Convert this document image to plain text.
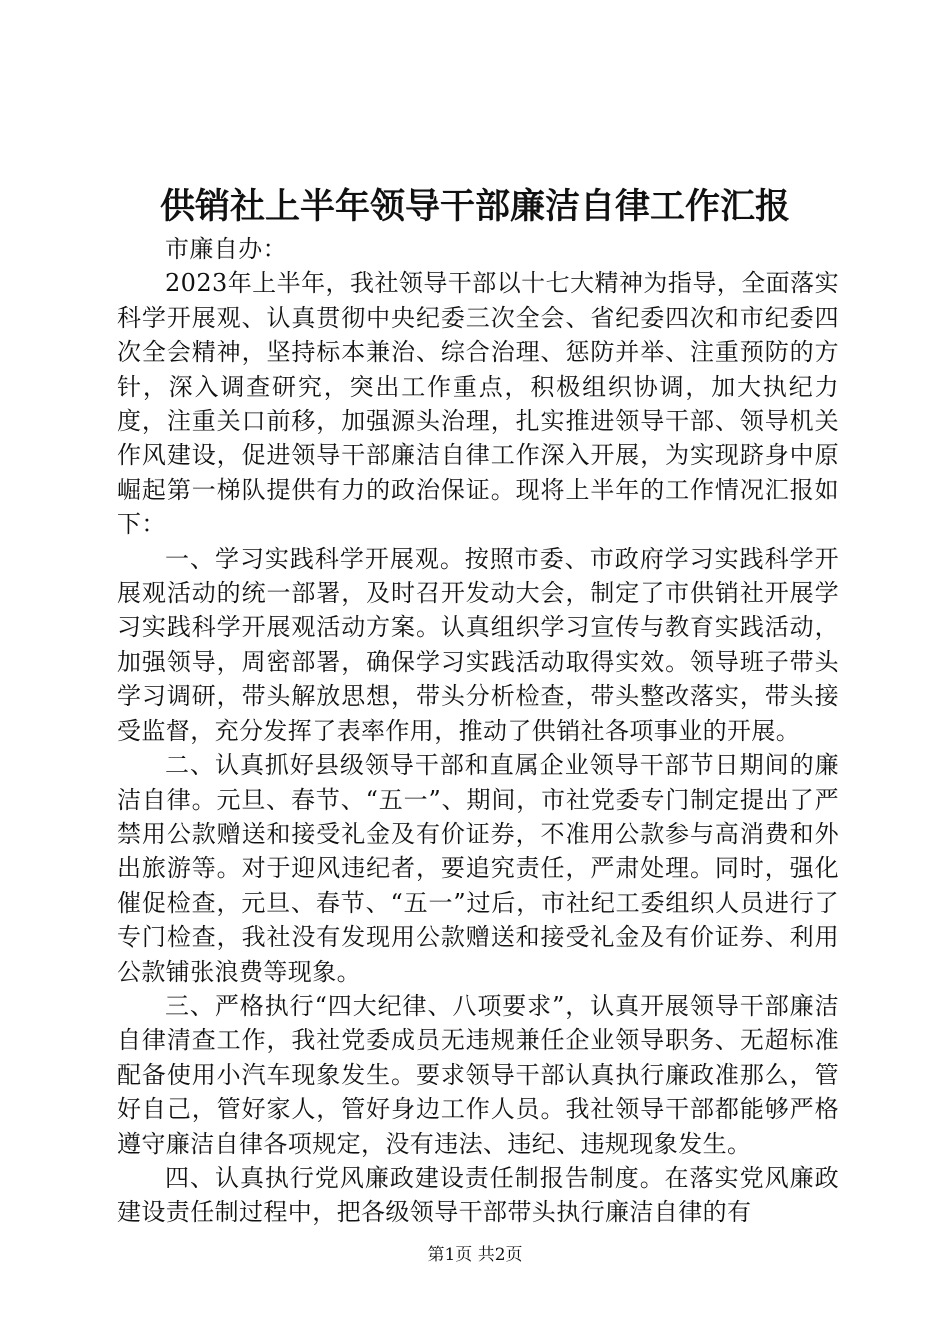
供销社上半年领导干部廉洁自律工作汇报

市廉自办：

2023年上半年，我社领导干部以十七大精神为指导，全面落实科学开展观、认真贯彻中央纪委三次全会、省纪委四次和市纪委四次全会精神，坚持标本兼治、综合治理、惩防并举、注重预防的方针，深入调查研究，突出工作重点，积极组织协调，加大执纪力度，注重关口前移，加强源头治理，扎实推进领导干部、领导机关作风建设，促进领导干部廉洁自律工作深入开展，为实现跻身中原崛起第一梯队提供有力的政治保证。现将上半年的工作情况汇报如下：

一、学习实践科学开展观。按照市委、市政府学习实践科学开展观活动的统一部署，及时召开发动大会，制定了市供销社开展学习实践科学开展观活动方案。认真组织学习宣传与教育实践活动，加强领导，周密部署，确保学习实践活动取得实效。领导班子带头学习调研，带头解放思想，带头分析检查，带头整改落实，带头接受监督，充分发挥了表率作用，推动了供销社各项事业的开展。

二、认真抓好县级领导干部和直属企业领导干部节日期间的廉洁自律。元旦、春节、“五一”、期间，市社党委专门制定提出了严禁用公款赠送和接受礼金及有价证券，不准用公款参与高消费和外出旅游等。对于迎风违纪者，要追究责任，严肃处理。同时，强化催促检查，元旦、春节、“五一”过后，市社纪工委组织人员进行了专门检查，我社没有发现用公款赠送和接受礼金及有价证券、利用公款铺张浪费等现象。

三、严格执行“四大纪律、八项要求”，认真开展领导干部廉洁自律清查工作，我社党委成员无违规兼任企业领导职务、无超标准配备使用小汽车现象发生。要求领导干部认真执行廉政准那么，管好自己，管好家人，管好身边工作人员。我社领导干部都能够严格遵守廉洁自律各项规定，没有违法、违纪、违规现象发生。

四、认真执行党风廉政建设责任制报告制度。在落实党风廉政建设责任制过程中，把各级领导干部带头执行廉洁自律的有

第1页 共2页
